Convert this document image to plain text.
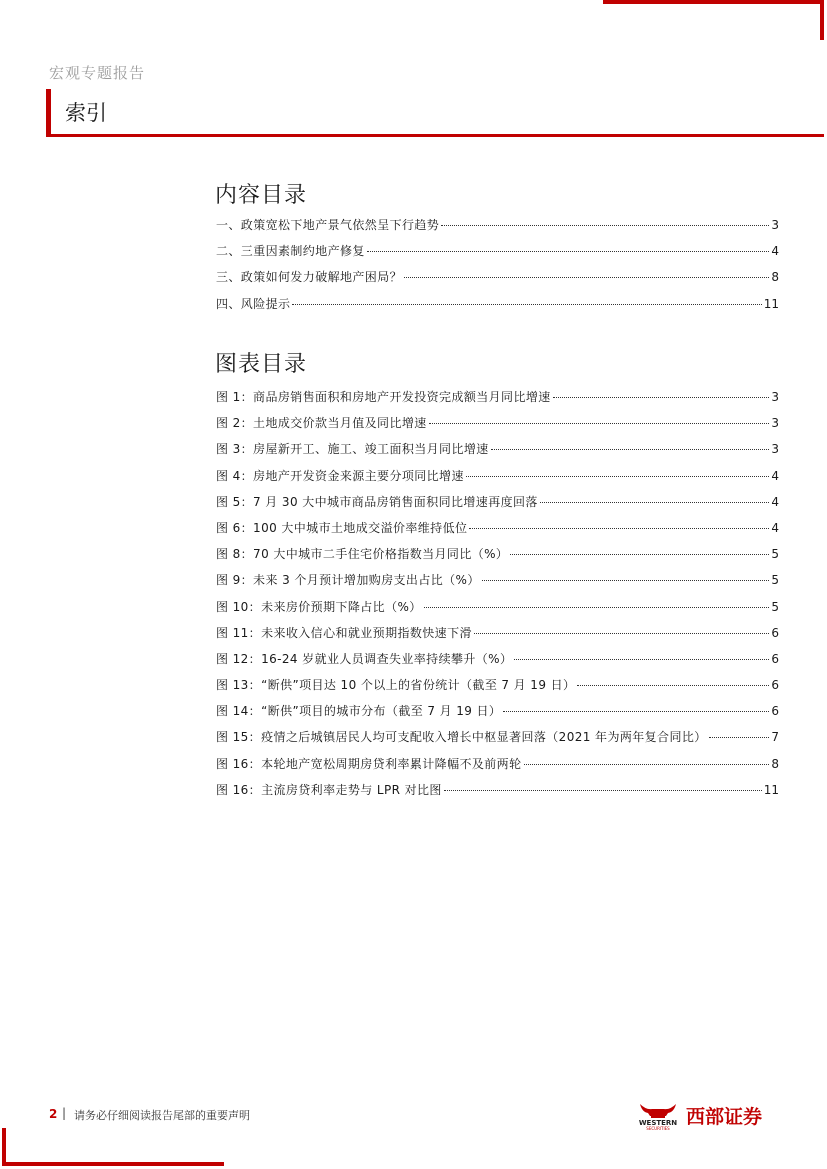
宏观专题报告
索引
内容目录
一、政策宽松下地产景气依然呈下行趋势	3
二、三重因素制约地产修复	4
三、政策如何发力破解地产困局？	8
四、风险提示	11
图表目录
图 1：商品房销售面积和房地产开发投资完成额当月同比增速	3
图 2：土地成交价款当月值及同比增速	3
图 3：房屋新开工、施工、竣工面积当月同比增速	3
图 4：房地产开发资金来源主要分项同比增速	4
图 5：7 月 30 大中城市商品房销售面积同比增速再度回落	4
图 6：100 大中城市土地成交溢价率维持低位	4
图 8：70 大中城市二手住宅价格指数当月同比（%）	5
图 9：未来 3 个月预计增加购房支出占比（%）	5
图 10：未来房价预期下降占比（%）	5
图 11：未来收入信心和就业预期指数快速下滑	6
图 12：16-24 岁就业人员调查失业率持续攀升（%）	6
图 13：“断供”项目达 10 个以上的省份统计（截至 7 月 19 日）	6
图 14：“断供”项目的城市分布（截至 7 月 19 日）	6
图 15：疫情之后城镇居民人均可支配收入增长中枢显著回落（2021 年为两年复合同比）	7
图 16：本轮地产宽松周期房贷利率累计降幅不及前两轮	8
图 16：主流房贷利率走势与 LPR 对比图	11
2 | 请务必仔细阅读报告尾部的重要声明
WESTERN
SECURITIES
西部证券
